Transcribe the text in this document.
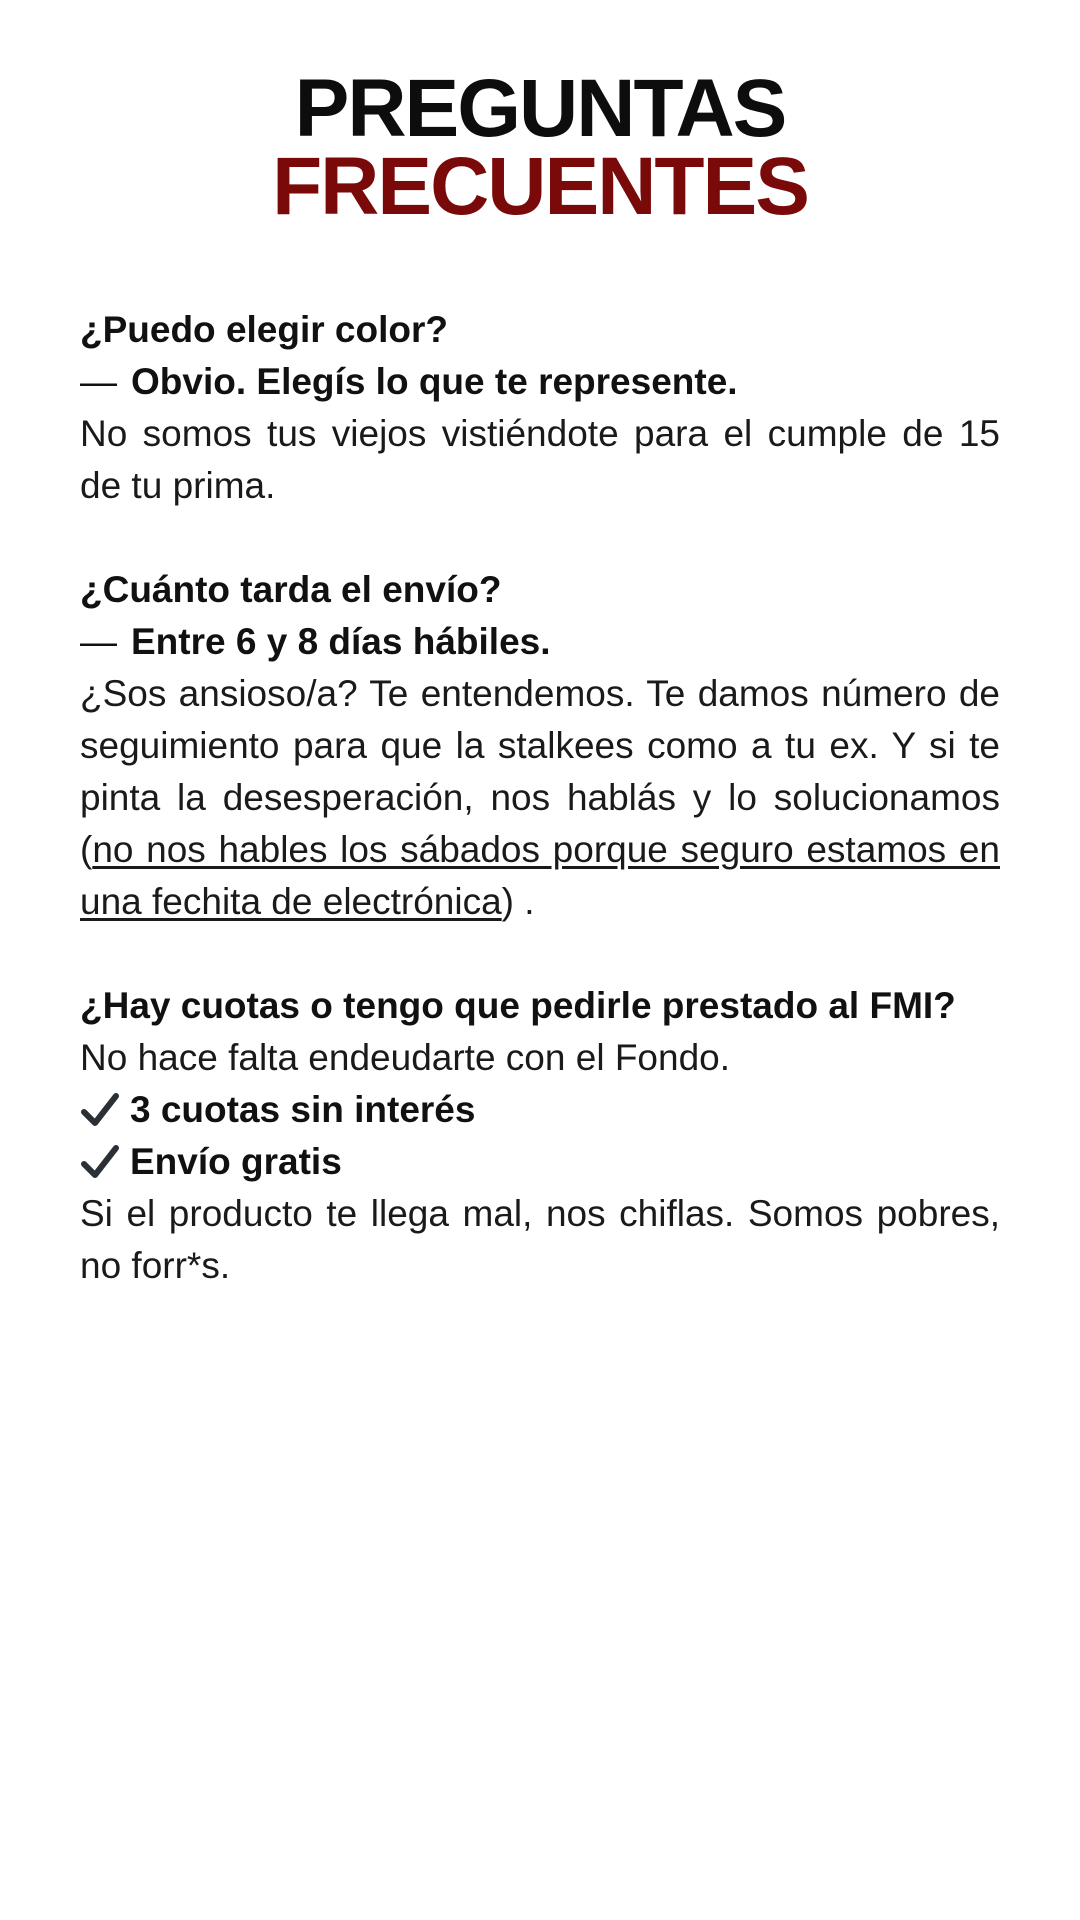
PREGUNTAS
FRECUENTES

¿Puedo elegir color?

— Obvio. Elegís lo que te represente.

No somos tus viejos vistiéndote para el cumple de 15 de tu prima.

¿Cuánto tarda el envío?

— Entre 6 y 8 días hábiles.

¿Sos ansioso/a? Te entendemos. Te damos número de seguimiento para que la stalkees como a tu ex. Y si te pinta la desesperación, nos hablás y lo solucionamos (no nos hables los sábados porque seguro estamos en una fechita de electrónica) .

¿Hay cuotas o tengo que pedirle prestado al FMI?

No hace falta endeudarte con el Fondo.

3 cuotas sin interés

Envío gratis

Si el producto te llega mal, nos chiflas. Somos pobres, no forr*s.
